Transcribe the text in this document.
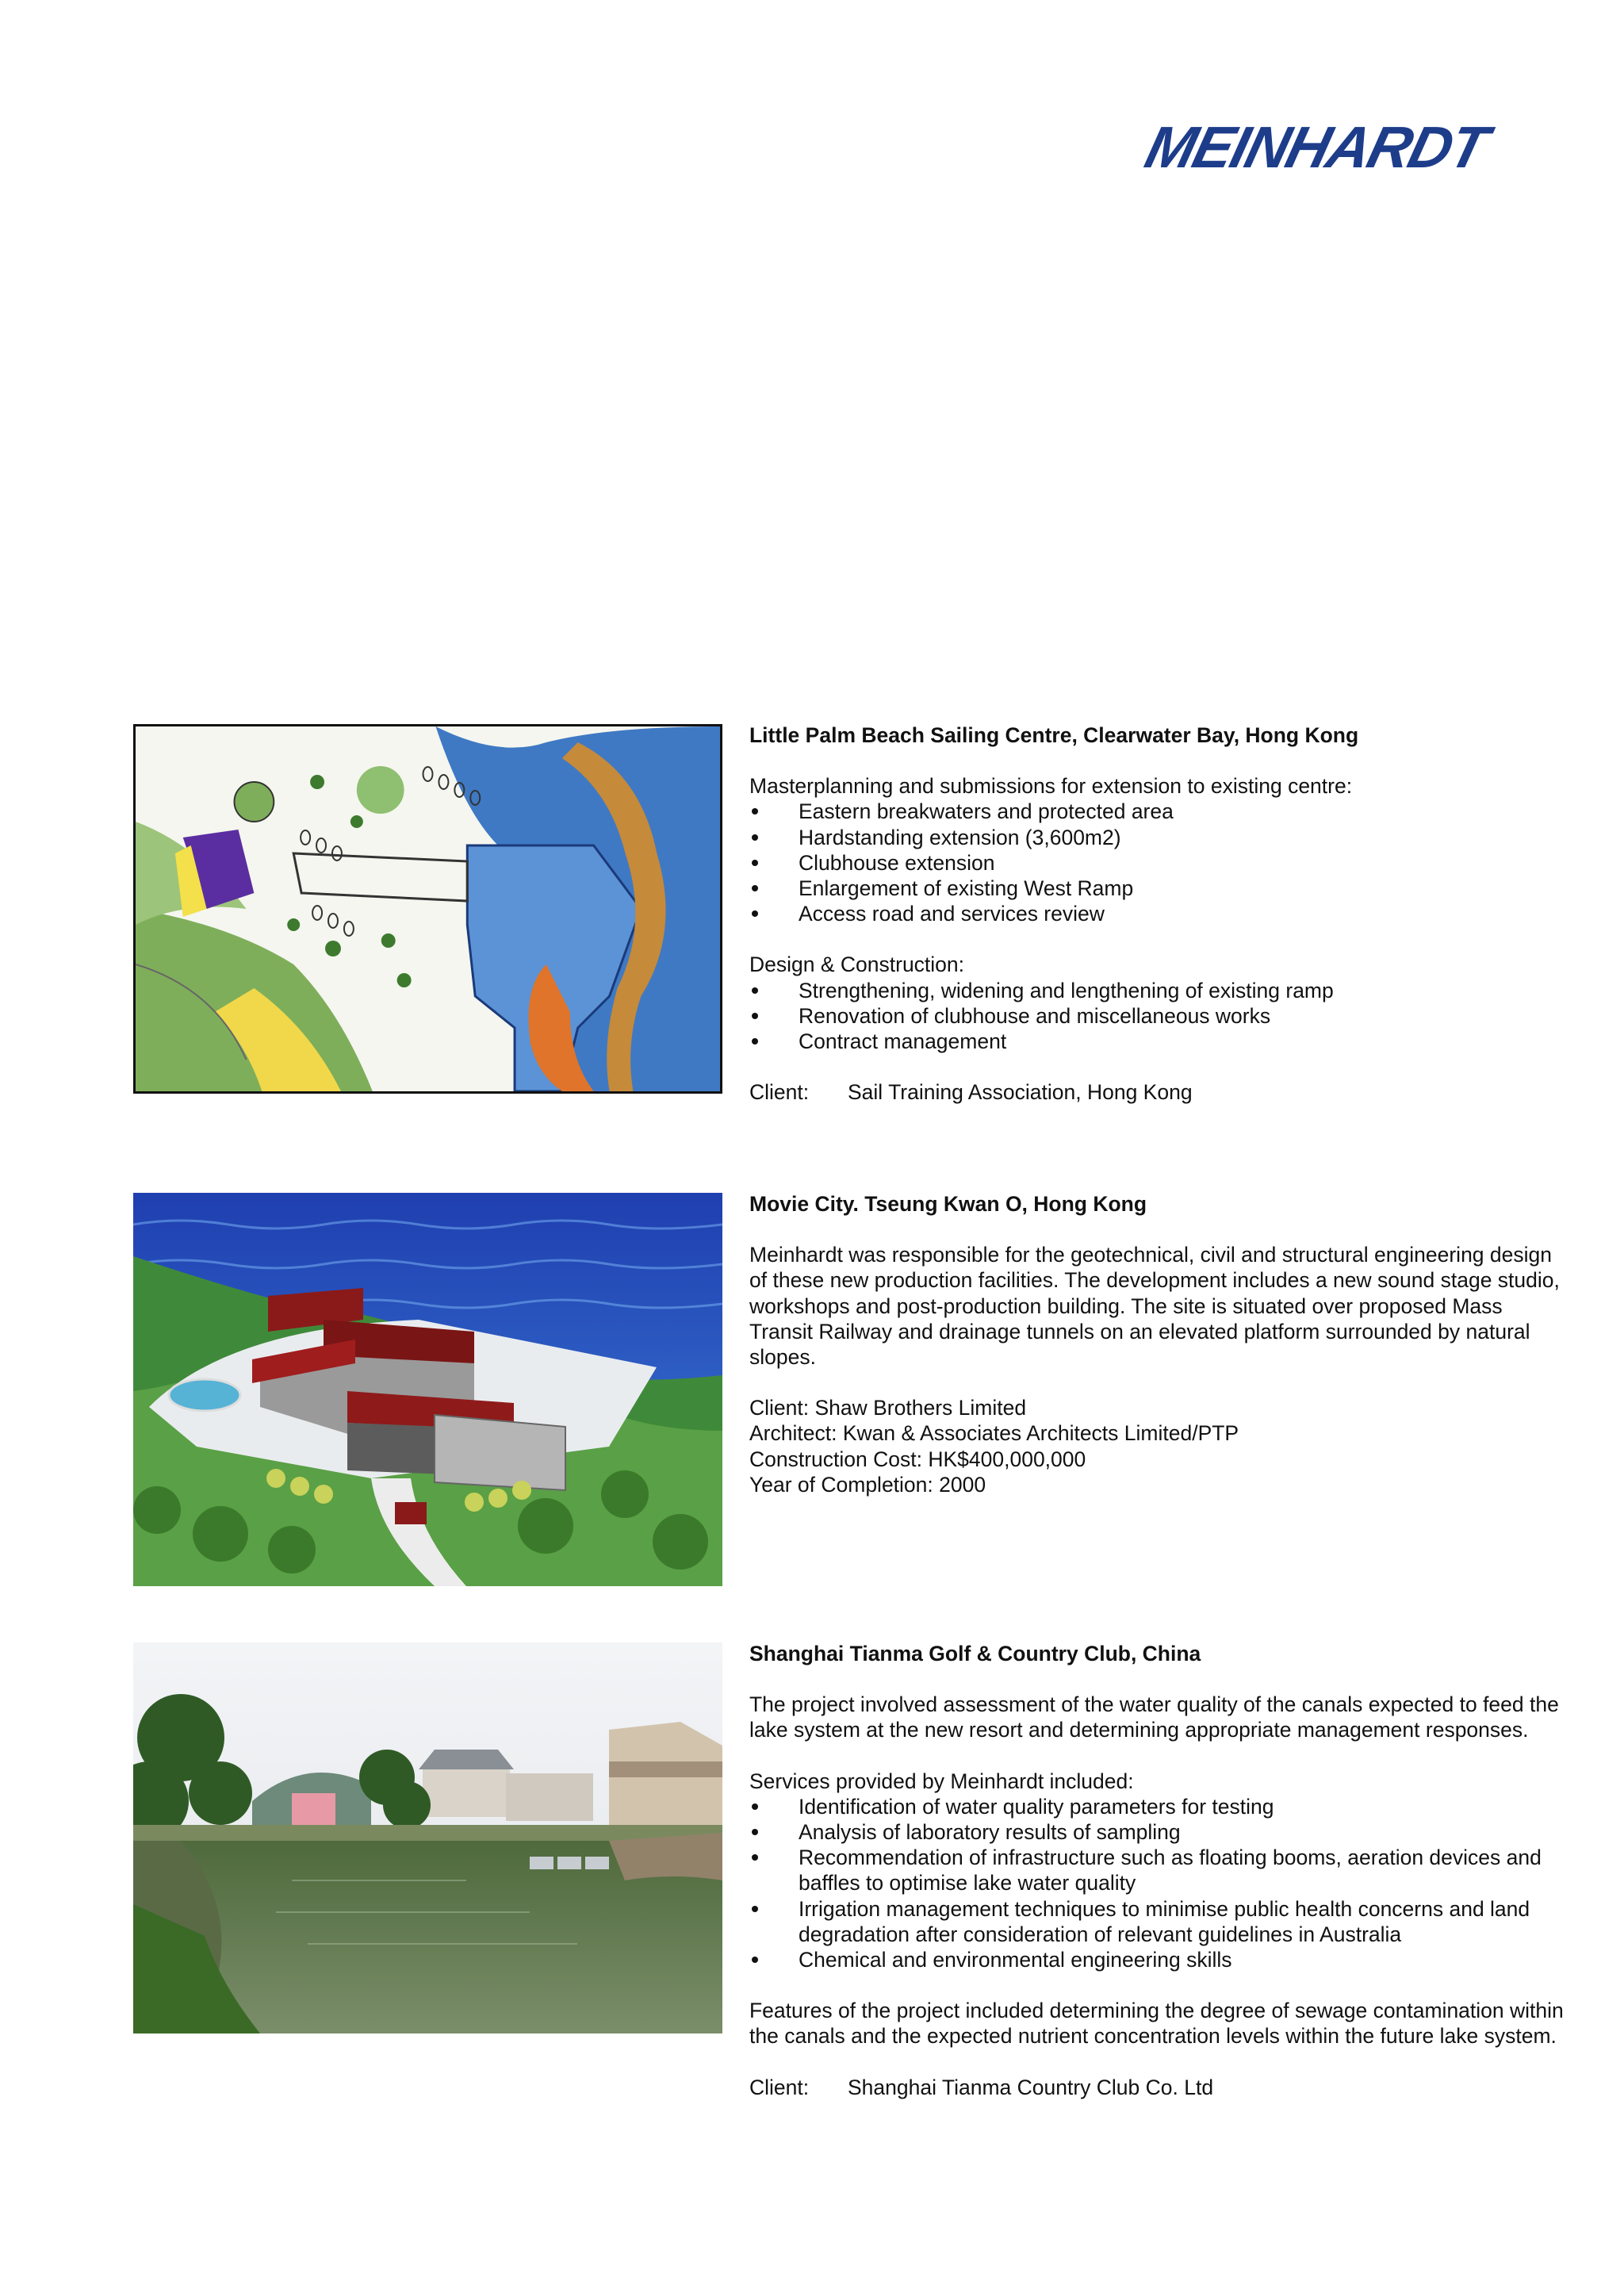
MEINHARDT

Little Palm Beach Sailing Centre, Clearwater Bay, Hong Kong

Masterplanning and submissions for extension to existing centre:

Eastern breakwaters and protected area
Hardstanding extension (3,600m2)
Clubhouse extension
Enlargement of existing West Ramp
Access road and services review

Design & Construction:

Strengthening, widening and lengthening of existing ramp
Renovation of clubhouse and miscellaneous works
Contract management
Client:	Sail Training Association, Hong Kong

Movie City. Tseung Kwan O, Hong Kong

Meinhardt was responsible for the geotechnical, civil and structural engineering design of these new production facilities. The development includes a new sound stage studio, workshops and post-production building. The site is situated over proposed Mass Transit Railway and drainage tunnels on an elevated platform surrounded by natural slopes.

Client: Shaw Brothers Limited

Architect: Kwan & Associates Architects Limited/PTP

Construction Cost: HK$400,000,000

Year of Completion: 2000

Shanghai Tianma Golf & Country Club, China

The project involved assessment of the water quality of the canals expected to feed the lake system at the new resort and determining appropriate management responses.

Services provided by Meinhardt included:

Identification of water quality parameters for testing
Analysis of laboratory results of sampling
Recommendation of infrastructure such as floating booms, aeration devices and baffles to optimise lake water quality
Irrigation management techniques to minimise public health concerns and land degradation after consideration of relevant guidelines in Australia
Chemical and environmental engineering skills

Features of the project included determining the degree of sewage contamination within the canals and the expected nutrient concentration levels within the future lake system.

Client:	Shanghai Tianma Country Club Co. Ltd
